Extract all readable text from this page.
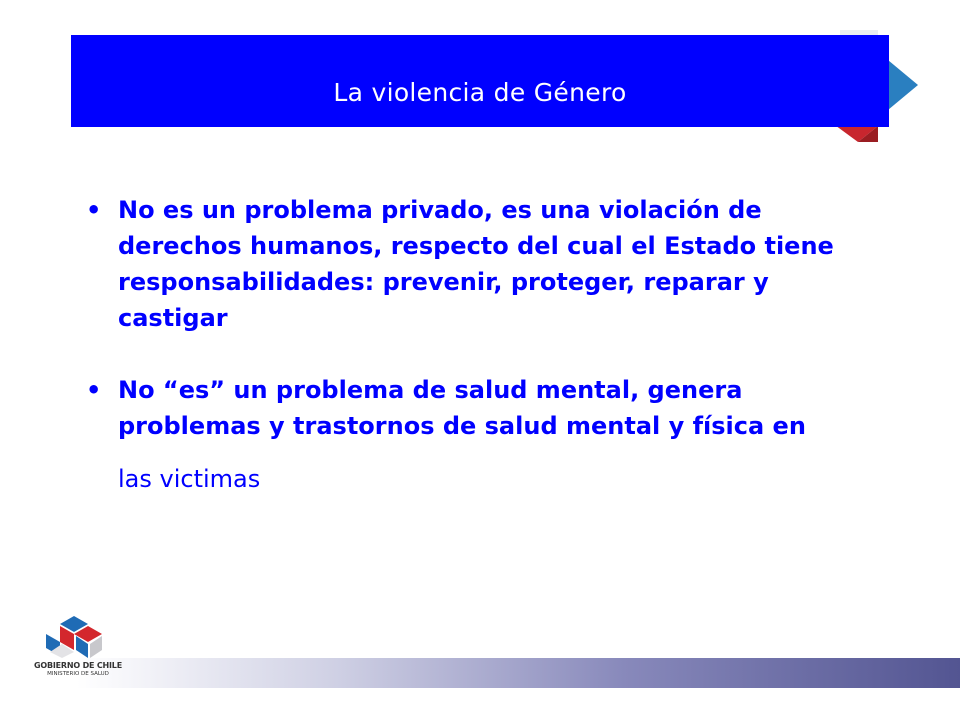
La violencia de Género
• No es un problema privado, es una violación de derechos humanos, respecto del cual el Estado tiene responsabilidades: prevenir, proteger, reparar y castigar
• No “es” un problema de salud mental, genera problemas y trastornos de salud mental y física en
las victimas
GOBIERNO DE CHILE
MINISTERIO DE SALUD
